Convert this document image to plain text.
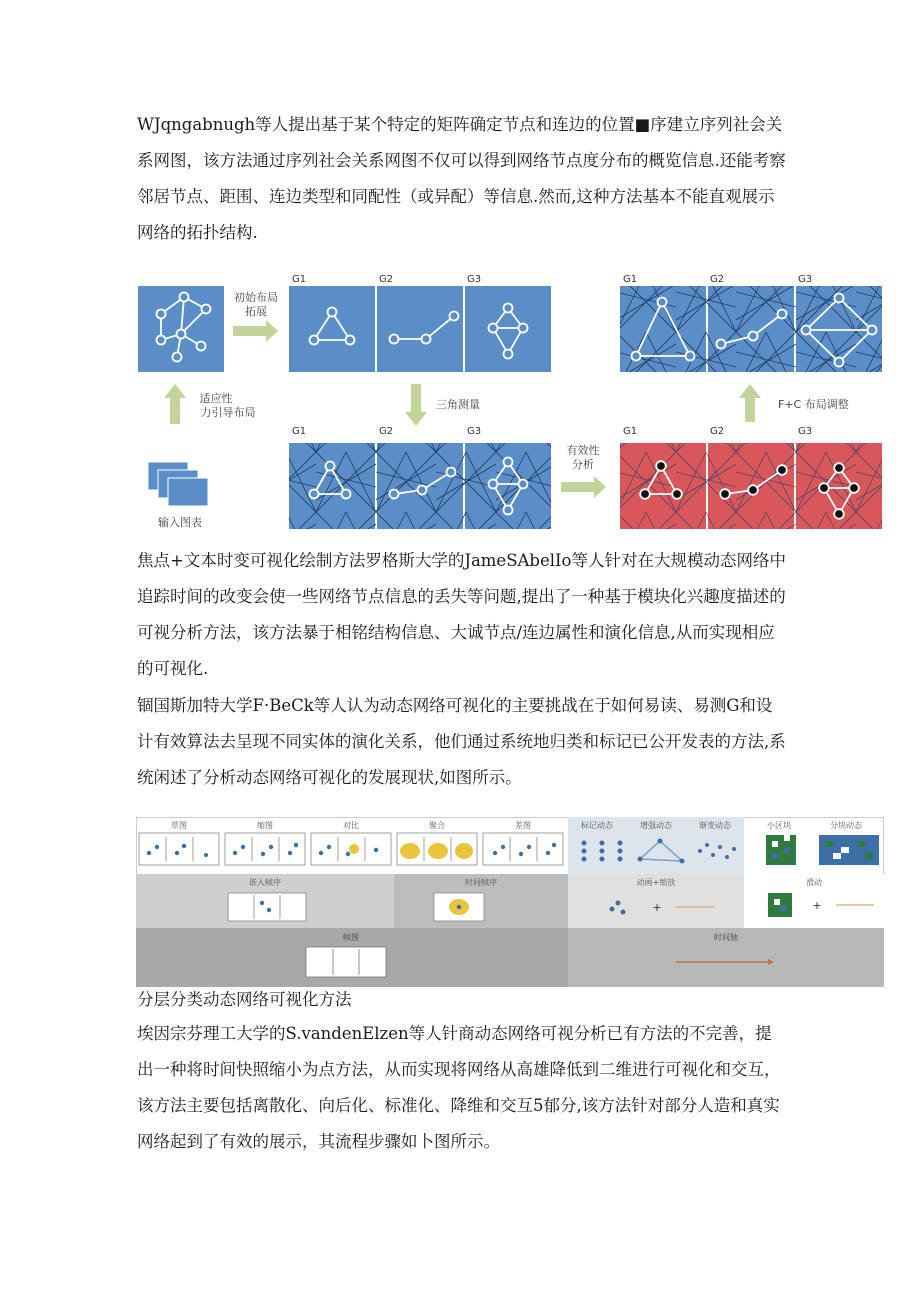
WJqngabnugh等人提出基于某个特定的矩阵确定节点和连边的位置■序建立序列社会关系网图，该方法通过序列社会关系网图不仅可以得到网络节点度分布的概览信息.还能考察邻居节点、距围、连边类型和同配性（或异配）等信息.然而,这种方法基本不能直观展示网络的拓扑结构.

初始布局
拓展
G1	G2	G3	G1	G2	G3
适应性
力引导布局
三角测量	F+C 布局调整
G1	G2	G3
有效性
分析
G1	G2	G3
输入图表

焦点+文本时变可视化绘制方法罗格斯大学的JameSAbelIo等人针对在大规模动态网络中追踪时间的改变会使一些网络节点信息的丢失等问题,提出了一种基于模块化兴趣度描述的可视分析方法，该方法暴于相铭结构信息、大诚节点/连边属性和演化信息,从而实现相应的可视化.

锢国斯加特大学F·BeCk等人认为动态网络可视化的主要挑战在于如何易读、易测G和设计有效算法去呈现不同实体的演化关系，他们通过系统地归类和标记已公开发表的方法,系统闲述了分析动态网络可视化的发展现状,如图所示。

草图	缩图	对比	聚合	差图	标记动态	增强动态	渐变动态	小区块	分块动态
嵌入帧序	时间帧序	动画+缩放	滑动
+	+
帧图	时间轴
分层分类动态网络可视化方法

埃因宗芬理工大学的S.vandenElzen等人针商动态网络可视分析已有方法的不完善，提出一种将时间快照缩小为点方法，从而实现将网络从高雄降低到二维进行可视化和交互，该方法主要包括离散化、向后化、标准化、降维和交互5郁分,该方法针对部分人造和真实网络起到了有效的展示，其流程步骤如卜图所示。
